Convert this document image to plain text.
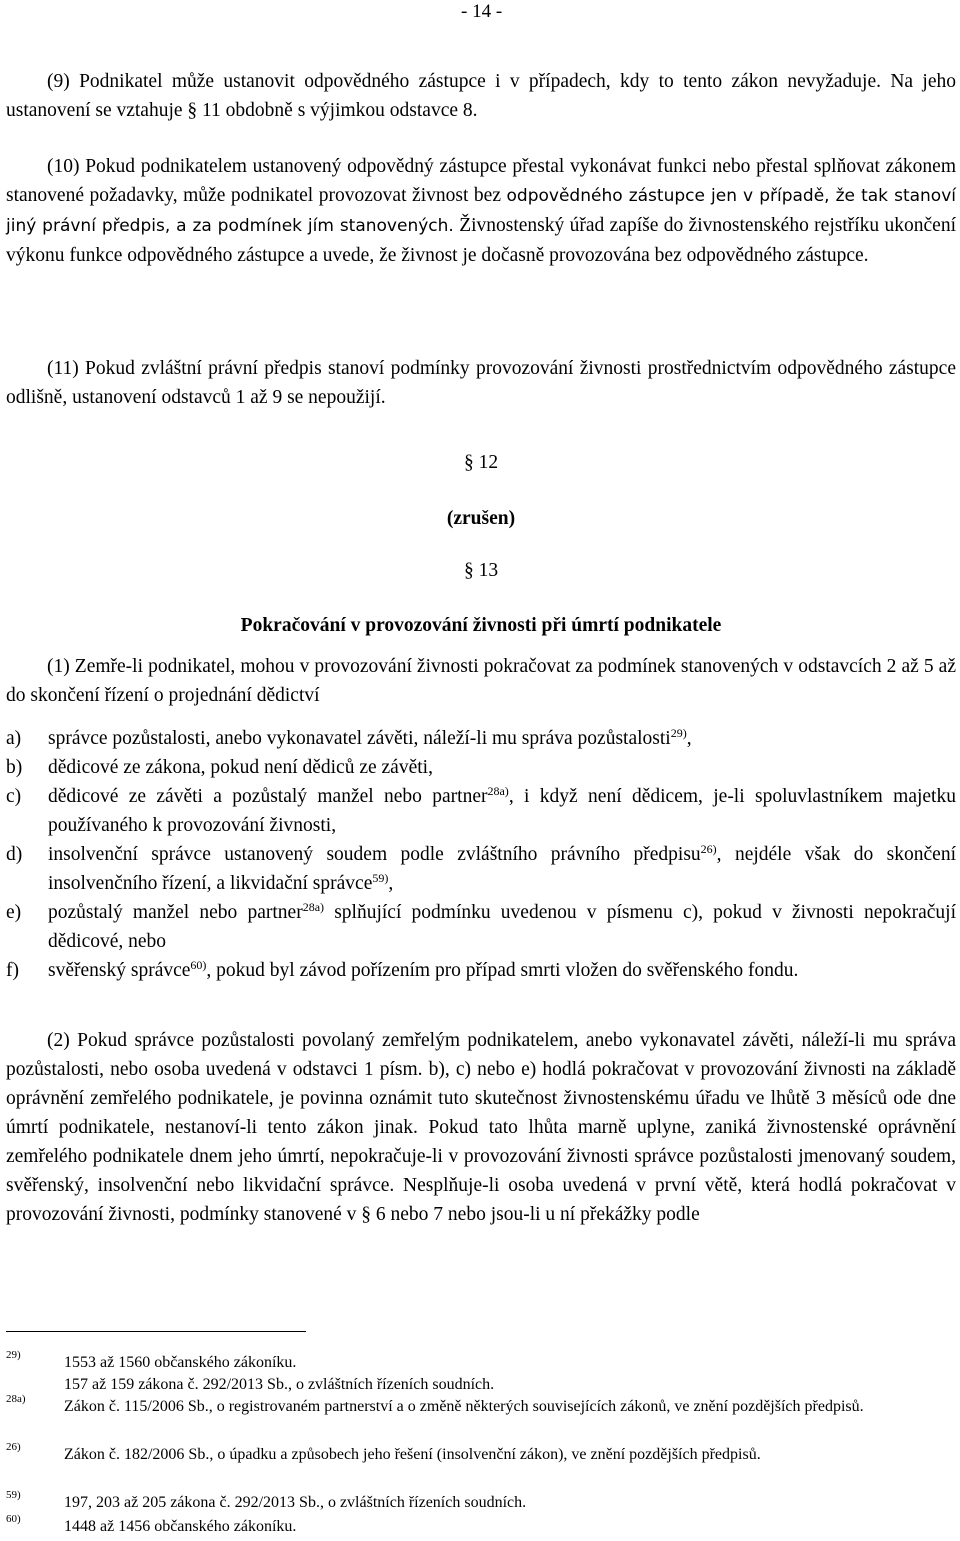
- 14 -
(9) Podnikatel může ustanovit odpovědného zástupce i v případech, kdy to tento zákon nevyžaduje. Na jeho ustanovení se vztahuje § 11 obdobně s výjimkou odstavce 8.
(10) Pokud podnikatelem ustanovený odpovědný zástupce přestal vykonávat funkci nebo přestal splňovat zákonem stanovené požadavky, může podnikatel provozovat živnost bez odpovědného zástupce jen v případě, že tak stanoví jiný právní předpis, a za podmínek jím stanovených. Živnostenský úřad zapíše do živnostenského rejstříku ukončení výkonu funkce odpovědného zástupce a uvede, že živnost je dočasně provozována bez odpovědného zástupce.
(11) Pokud zvláštní právní předpis stanoví podmínky provozování živnosti prostřednictvím odpovědného zástupce odlišně, ustanovení odstavců 1 až 9 se nepoužijí.
§ 12
(zrušen)
§ 13
Pokračování v provozování živnosti při úmrtí podnikatele
(1) Zemře-li podnikatel, mohou v provozování živnosti pokračovat za podmínek stanovených v odstavcích 2 až 5 až do skončení řízení o projednání dědictví
a)	správce pozůstalosti, anebo vykonavatel závěti, náleží-li mu správa pozůstalosti$^{29)}$,
b)	dědicové ze zákona, pokud není dědiců ze závěti,
c)	dědicové ze závěti a pozůstalý manžel nebo partner$^{28a)}$, i když není dědicem, je-li spoluvlastníkem majetku používaného k provozování živnosti,
d)	insolvenční správce ustanovený soudem podle zvláštního právního předpisu$^{26)}$, nejdéle však do skončení insolvenčního řízení, a likvidační správce$^{59)}$,
e)	pozůstalý manžel nebo partner$^{28a)}$ splňující podmínku uvedenou v písmenu c), pokud v živnosti nepokračují dědicové, nebo
f)	svěřenský správce$^{60)}$, pokud byl závod pořízením pro případ smrti vložen do svěřenského fondu.
(2) Pokud správce pozůstalosti povolaný zemřelým podnikatelem, anebo vykonavatel závěti, náleží-li mu správa pozůstalosti, nebo osoba uvedená v odstavci 1 písm. b), c) nebo e) hodlá pokračovat v provozování živnosti na základě oprávnění zemřelého podnikatele, je povinna oznámit tuto skutečnost živnostenskému úřadu ve lhůtě 3 měsíců ode dne úmrtí podnikatele, nestanoví-li tento zákon jinak. Pokud tato lhůta marně uplyne, zaniká živnostenské oprávnění zemřelého podnikatele dnem jeho úmrtí, nepokračuje-li v provozování živnosti správce pozůstalosti jmenovaný soudem, svěřenský, insolvenční nebo likvidační správce. Nesplňuje-li osoba uvedená v první větě, která hodlá pokračovat v provozování živnosti, podmínky stanovené v § 6 nebo 7 nebo jsou-li u ní překážky podle
29)	1553 až 1560 občanského zákoníku.
157 až 159 zákona č. 292/2013 Sb., o zvláštních řízeních soudních.
28a) Zákon č. 115/2006 Sb., o registrovaném partnerství a o změně některých souvisejících zákonů, ve znění pozdějších předpisů.
26)	Zákon č. 182/2006 Sb., o úpadku a způsobech jeho řešení (insolvenční zákon), ve znění pozdějších předpisů.
59)	197, 203 až 205 zákona č. 292/2013 Sb., o zvláštních řízeních soudních.
60)	1448 až 1456 občanského zákoníku.
